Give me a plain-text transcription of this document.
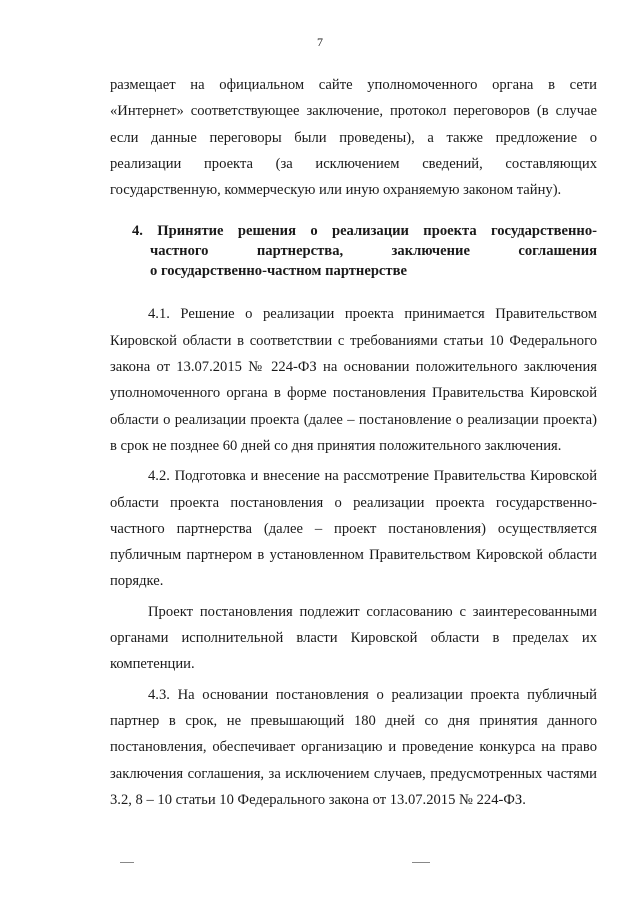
7

размещает на официальном сайте уполномоченного органа в сети «Интернет» соответствующее заключение, протокол переговоров (в случае если данные переговоры были проведены), а также предложение о реализации проекта (за исключением сведений, составляющих государственную, коммерческую или иную охраняемую законом тайну).

4. Принятие решения о реализации проекта государственно-
частного партнерства, заключение соглашения
о государственно-частном партнерстве

4.1. Решение о реализации проекта принимается Правительством Кировской области в соответствии с требованиями статьи 10 Федерального закона от 13.07.2015 № 224-ФЗ на основании положительного заключения уполномоченного органа в форме постановления Правительства Кировской области о реализации проекта (далее – постановление о реализации проекта) в срок не позднее 60 дней со дня принятия положительного заключения.

4.2. Подготовка и внесение на рассмотрение Правительства Кировской области проекта постановления о реализации проекта государственно-частного партнерства (далее – проект постановления) осуществляется публичным партнером в установленном Правительством Кировской области порядке.

Проект постановления подлежит согласованию с заинтересованными органами исполнительной власти Кировской области в пределах их компетенции.

4.3. На основании постановления о реализации проекта публичный партнер в срок, не превышающий 180 дней со дня принятия данного постановления, обеспечивает организацию и проведение конкурса на право заключения соглашения, за исключением случаев, предусмотренных частями 3.2, 8 – 10 статьи 10 Федерального закона от 13.07.2015 № 224-ФЗ.
